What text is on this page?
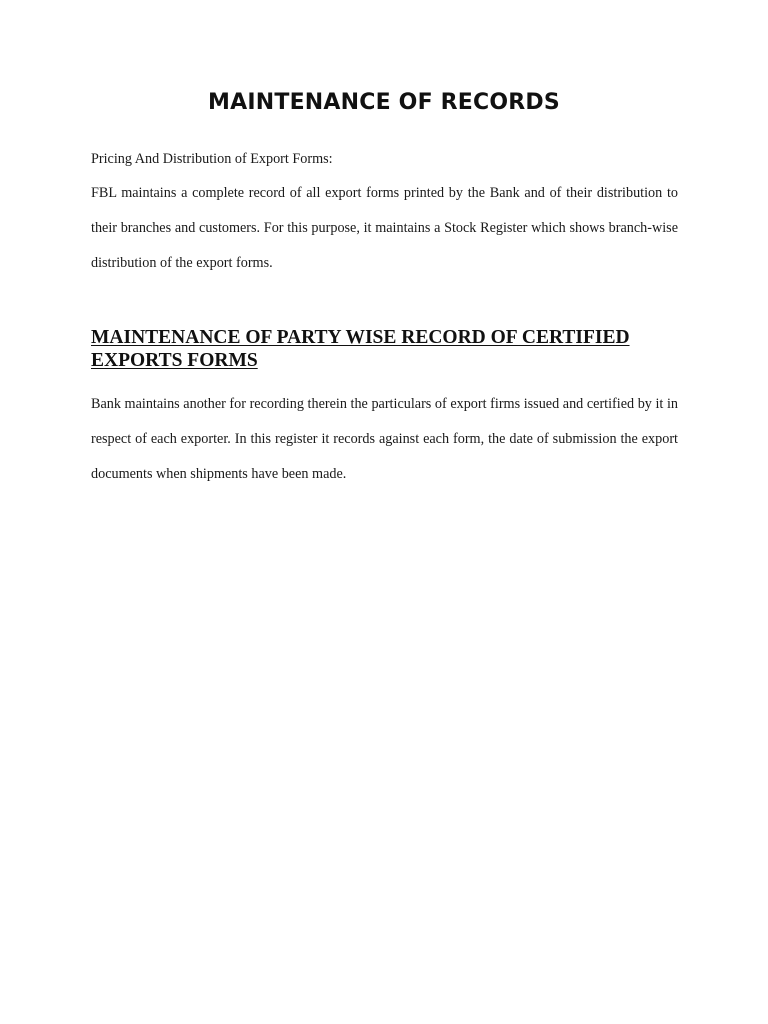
MAINTENANCE OF RECORDS

Pricing And Distribution of Export Forms:

FBL maintains a complete record of all export forms printed by the Bank and of their distribution to their branches and customers. For this purpose, it maintains a Stock Register which shows branch-wise distribution of the export forms.

MAINTENANCE OF PARTY WISE RECORD OF CERTIFIED
EXPORTS FORMS

Bank maintains another for recording therein the particulars of export firms issued and certified by it in respect of each exporter. In this register it records against each form, the date of submission the export documents when shipments have been made.
